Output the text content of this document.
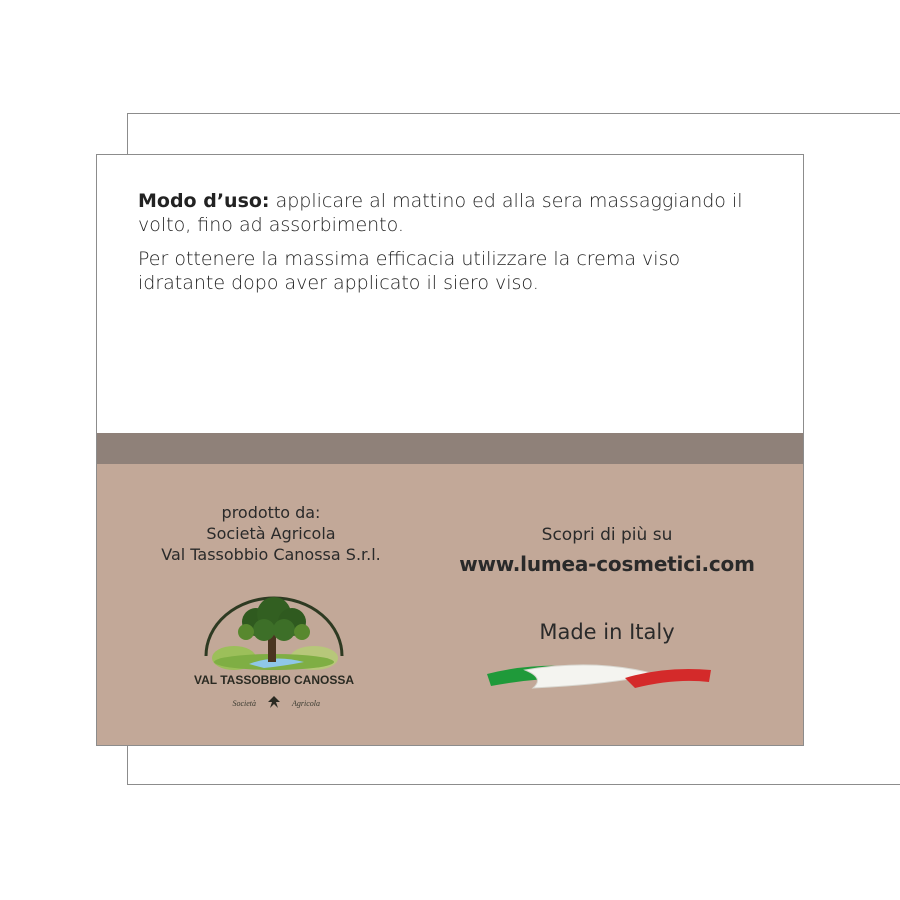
Modo d’uso: applicare al mattino ed alla sera massaggiando il volto, fino ad assorbimento.

Per ottenere la massima efficacia utilizzare la crema viso idratante dopo aver applicato il siero viso.

prodotto da:
Società Agricola
Val Tassobbio Canossa S.r.l.
VAL TASSOBBIO CANOSSA
Società	Agricola
Scopri di più su
www.lumea-cosmetici.com
Made in Italy
